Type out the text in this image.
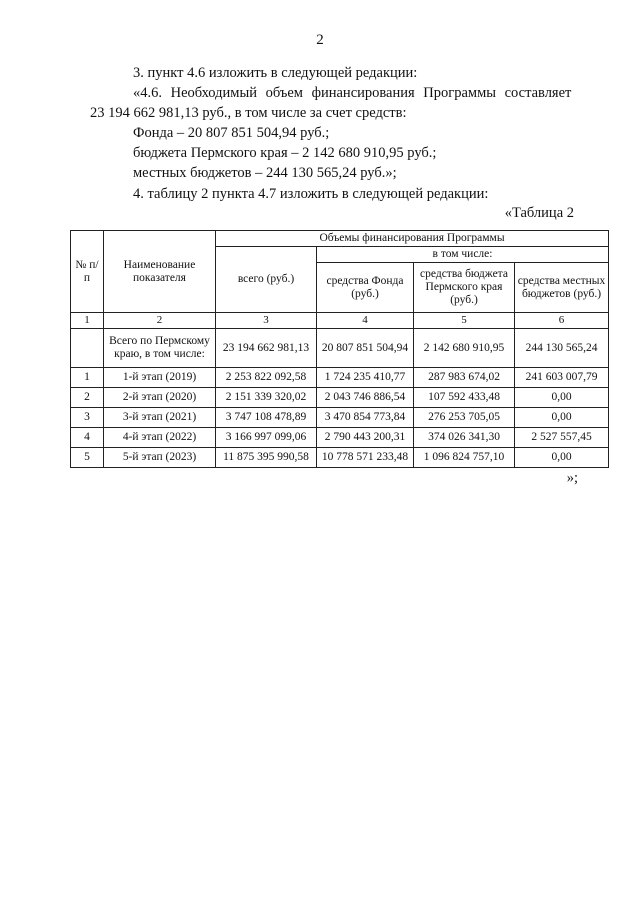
2
3. пункт 4.6 изложить в следующей редакции:
«4.6. Необходимый объем финансирования Программы составляет
23 194 662 981,13 руб., в том числе за счет средств:
Фонда – 20 807 851 504,94 руб.;
бюджета Пермского края – 2 142 680 910,95 руб.;
местных бюджетов – 244 130 565,24 руб.»;
4. таблицу 2 пункта 4.7 изложить в следующей редакции:
«Таблица 2
№ п/п	Наименование показателя	Объемы финансирования Программы			
		всего (руб.)	в том числе:		
			средства Фонда (руб.)	средства бюджета Пермского края (руб.)	средства местных бюджетов (руб.)
1	2	3	4	5	6
	Всего по Пермскому краю, в том числе:	23 194 662 981,13	20 807 851 504,94	2 142 680 910,95	244 130 565,24
1	1-й этап (2019)	2 253 822 092,58	1 724 235 410,77	287 983 674,02	241 603 007,79
2	2-й этап (2020)	2 151 339 320,02	2 043 746 886,54	107 592 433,48	0,00
3	3-й этап (2021)	3 747 108 478,89	3 470 854 773,84	276 253 705,05	0,00
4	4-й этап (2022)	3 166 997 099,06	2 790 443 200,31	374 026 341,30	2 527 557,45
5	5-й этап (2023)	11 875 395 990,58	10 778 571 233,48	1 096 824 757,10	0,00
»;
